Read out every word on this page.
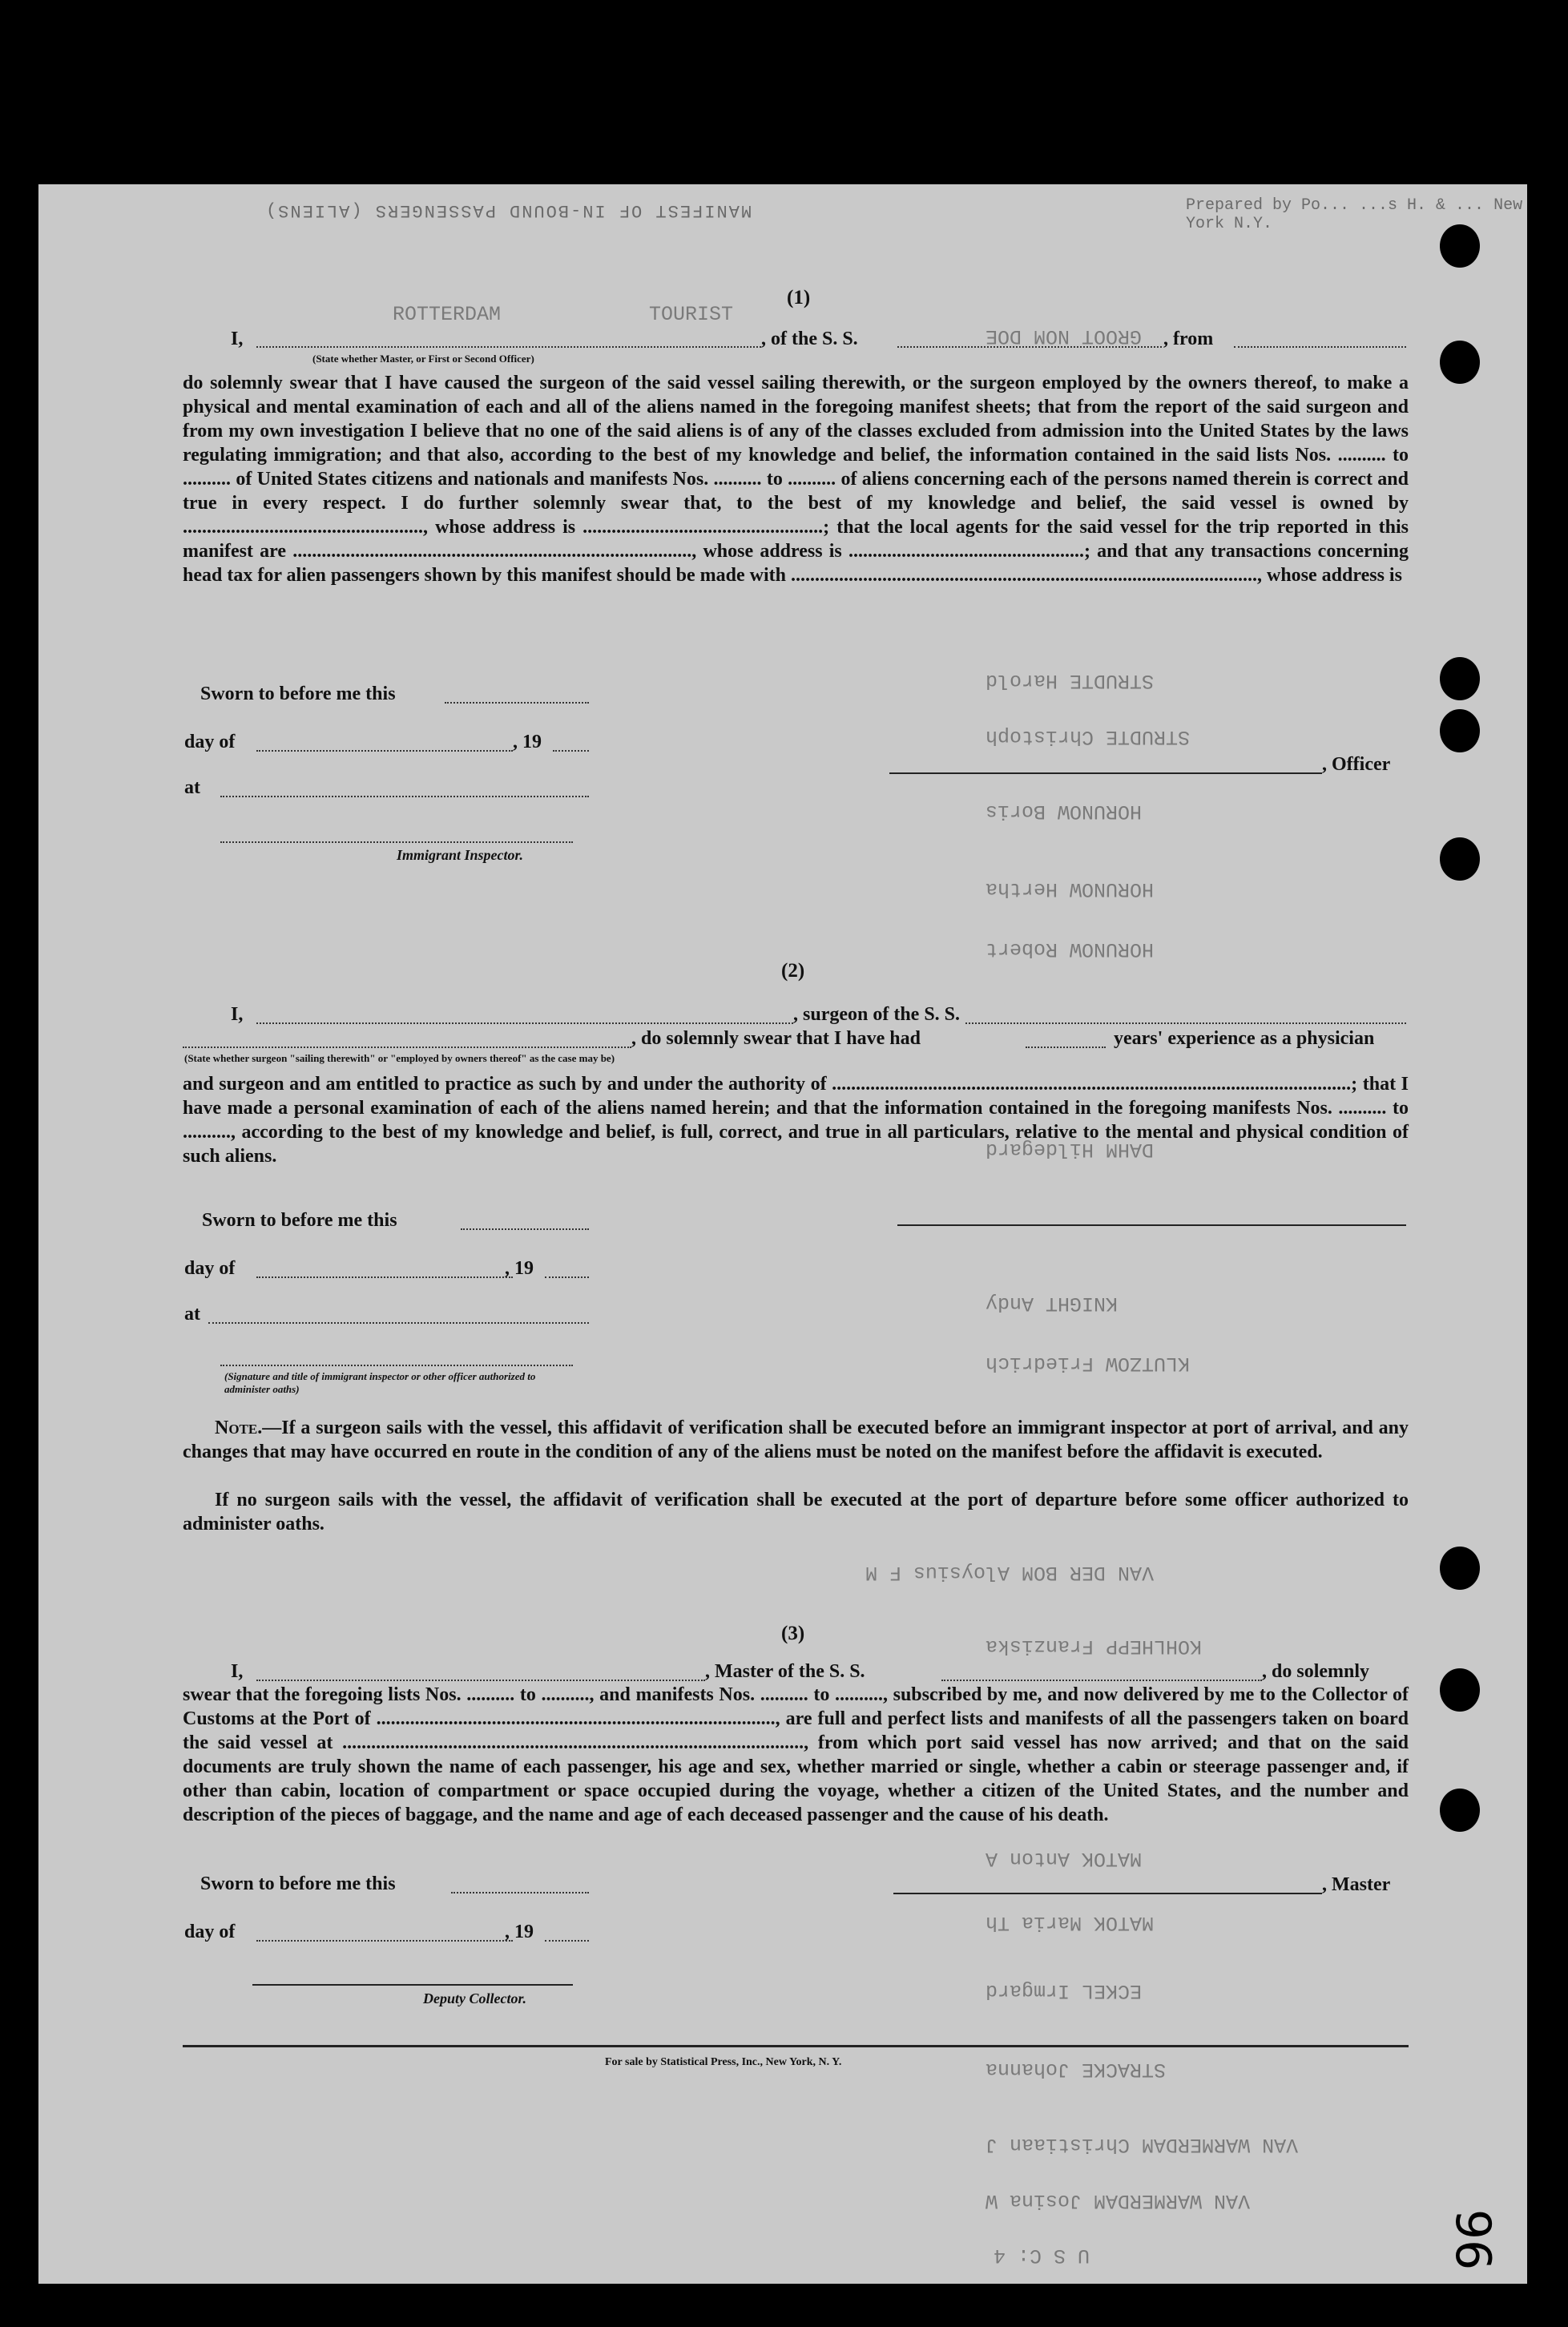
MANIFEST OF IN-BOUND PASSENGERS (ALIENS)	Prepared by Po... ...s H. & ... New York N.Y.
TOURIST
ROTTERDAM
(1)
I,
(State whether Master, or First or Second Officer)
, of the S. S.	GROOT NOM DOE , from

do solemnly swear that I have caused the surgeon of the said vessel sailing therewith, or the surgeon employed by the owners thereof, to make a physical and mental examination of each and all of the aliens named in the foregoing manifest sheets; that from the report of the said surgeon and from my own investigation I believe that no one of the said aliens is of any of the classes excluded from admission into the United States by the laws regulating immigration; and that also, according to the best of my knowledge and belief, the information contained in the said lists Nos. .......... to .......... of United States citizens and nationals and manifests Nos. .......... to .......... of aliens concerning each of the persons named therein is correct and true in every respect. I do further solemnly swear that, to the best of my knowledge and belief, the said vessel is owned by .................................................., whose address is ..................................................; that the local agents for the said vessel for the trip reported in this manifest are ..................................................................................., whose address is .................................................; and that any transactions concerning head tax for alien passengers shown by this manifest should be made with ................................................................................................., whose address is

Sworn to before me this
day of	, 19
at
Immigrant Inspector.
, Officer
(2)
I,	, surgeon of the S. S.
, do solemnly swear that I have had	years' experience as a physician
(State whether surgeon "sailing therewith" or "employed by owners thereof" as the case may be)

and surgeon and am entitled to practice as such by and under the authority of ............................................................................................................; that I have made a personal examination of each of the aliens named herein; and that the information contained in the foregoing manifests Nos. .......... to .........., according to the best of my knowledge and belief, is full, correct, and true in all particulars, relative to the mental and physical condition of such aliens.

Sworn to before me this
day of	, 19
at
(Signature and title of immigrant inspector or other officer authorized to administer oaths)

Note.—If a surgeon sails with the vessel, this affidavit of verification shall be executed before an immigrant inspector at port of arrival, and any changes that may have occurred en route in the condition of any of the aliens must be noted on the manifest before the affidavit is executed.

If no surgeon sails with the vessel, the affidavit of verification shall be executed at the port of departure before some officer authorized to administer oaths.

(3)
I,	, Master of the S. S.	, do solemnly

swear that the foregoing lists Nos. .......... to .........., and manifests Nos. .......... to .........., subscribed by me, and now delivered by me to the Collector of Customs at the Port of ..................................................................................., are full and perfect lists and manifests of all the passengers taken on board the said vessel at ................................................................................................, from which port said vessel has now arrived; and that on the said documents are truly shown the name of each passenger, his age and sex, whether married or single, whether a cabin or steerage passenger and, if other than cabin, location of compartment or space occupied during the voyage, whether a citizen of the United States, and the number and description of the pieces of baggage, and the name and age of each deceased passenger and the cause of his death.

Sworn to before me this
day of	, 19
Deputy Collector.
, Master
For sale by Statistical Press, Inc., New York, N. Y.
STRUDTE Harold
STRUDTE Christoph
HORUNOW Boris
HORUNOW Hertha
HORUNOW Robert
DAHM Hildegard
KNIGHT Andy
KLUTZOW Friedrich
VAN DER BOM Aloysius F M
KOHLHEPP Franziska
MATOK Anton A
MATOK Maria Th
ECKEL Irmgard
STRACKE Johanna
VAN WARMERDAM Christiaan J
VAN WARMERDAM Josina W
U S C: 4	96
